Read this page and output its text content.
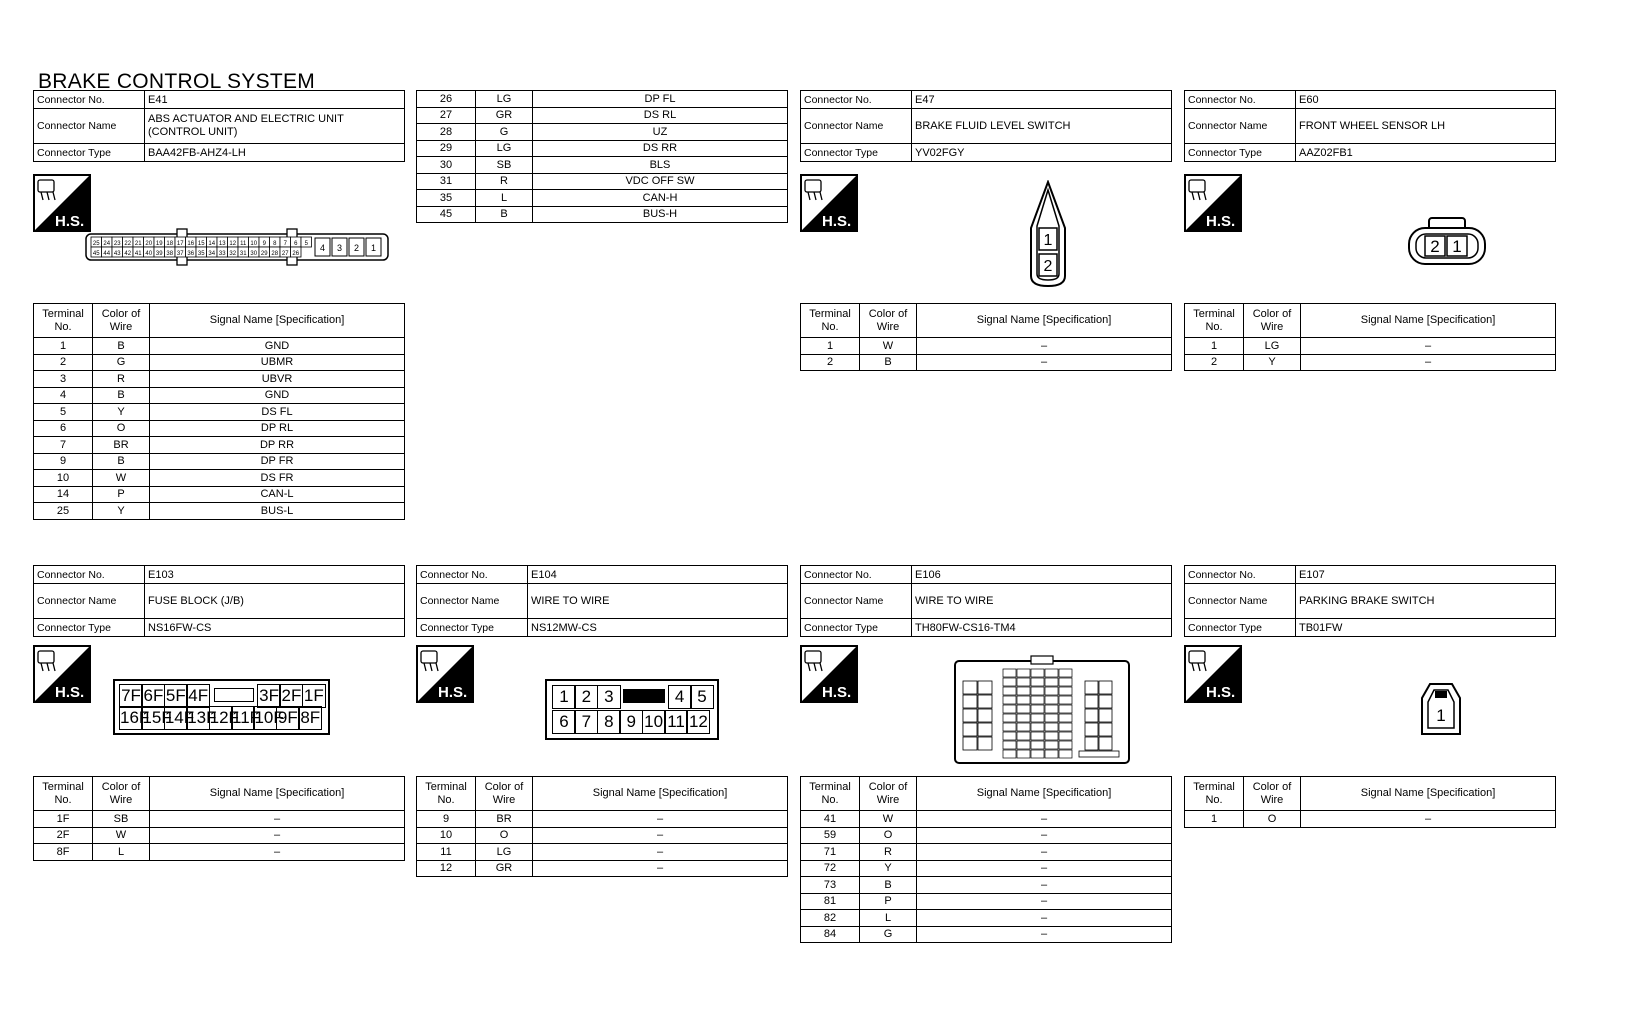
BRAKE CONTROL SYSTEM
Connector No.	E41
Connector Name	ABS ACTUATOR AND ELECTRIC UNIT (CONTROL UNIT)
Connector Type	BAA42FB-AHZ4-LH
26	LG	DP FL
27	GR	DS RL
28	G	UZ
29	LG	DS RR
30	SB	BLS
31	R	VDC OFF SW
35	L	CAN-H
45	B	BUS-H
Connector No.	E47
Connector Name	BRAKE FLUID LEVEL SWITCH
Connector Type	YV02FGY
Connector No.	E60
Connector Name	FRONT WHEEL SENSOR LH
Connector Type	AAZ02FB1
Terminal No.	Color of Wire	Signal Name [Specification]
1	B	GND
2	G	UBMR
3	R	UBVR
4	B	GND
5	Y	DS FL
6	O	DP RL
7	BR	DP RR
9	B	DP FR
10	W	DS FR
14	P	CAN-L
25	Y	BUS-L
Terminal No.	Color of Wire	Signal Name [Specification]
1	W	–
2	B	–
Terminal No.	Color of Wire	Signal Name [Specification]
1	LG	–
2	Y	–
Connector No.	E103
Connector Name	FUSE BLOCK (J/B)
Connector Type	NS16FW-CS
Connector No.	E104
Connector Name	WIRE TO WIRE
Connector Type	NS12MW-CS
Connector No.	E106
Connector Name	WIRE TO WIRE
Connector Type	TH80FW-CS16-TM4
Connector No.	E107
Connector Name	PARKING BRAKE SWITCH
Connector Type	TB01FW
Terminal No.	Color of Wire	Signal Name [Specification]
1F	SB	–
2F	W	–
8F	L	–
Terminal No.	Color of Wire	Signal Name [Specification]
9	BR	–
10	O	–
11	LG	–
12	GR	–
Terminal No.	Color of Wire	Signal Name [Specification]
41	W	–
59	O	–
71	R	–
72	Y	–
73	B	–
81	P	–
82	L	–
84	G	–
Terminal No.	Color of Wire	Signal Name [Specification]
1	O	–
H.S.	H.S.	H.S.
H.S.	H.S.	H.S.	H.S.
25 24 23 22 21 20 19 18 17 16 15 14 13 12 11 10 9 8 7 6 5
45 44 43 42 41 40 39 38 37 36 35 34 33 32 31 30 29 28 27 26
4 3 2 1	1
2
2 1
7F 6F 5F 4F	3F 2F 1F
16F
15F
14F
13F
12F
11F
10F
9F 8F
1 2 3	4 5
6 7 8 9 10 11 12	1
